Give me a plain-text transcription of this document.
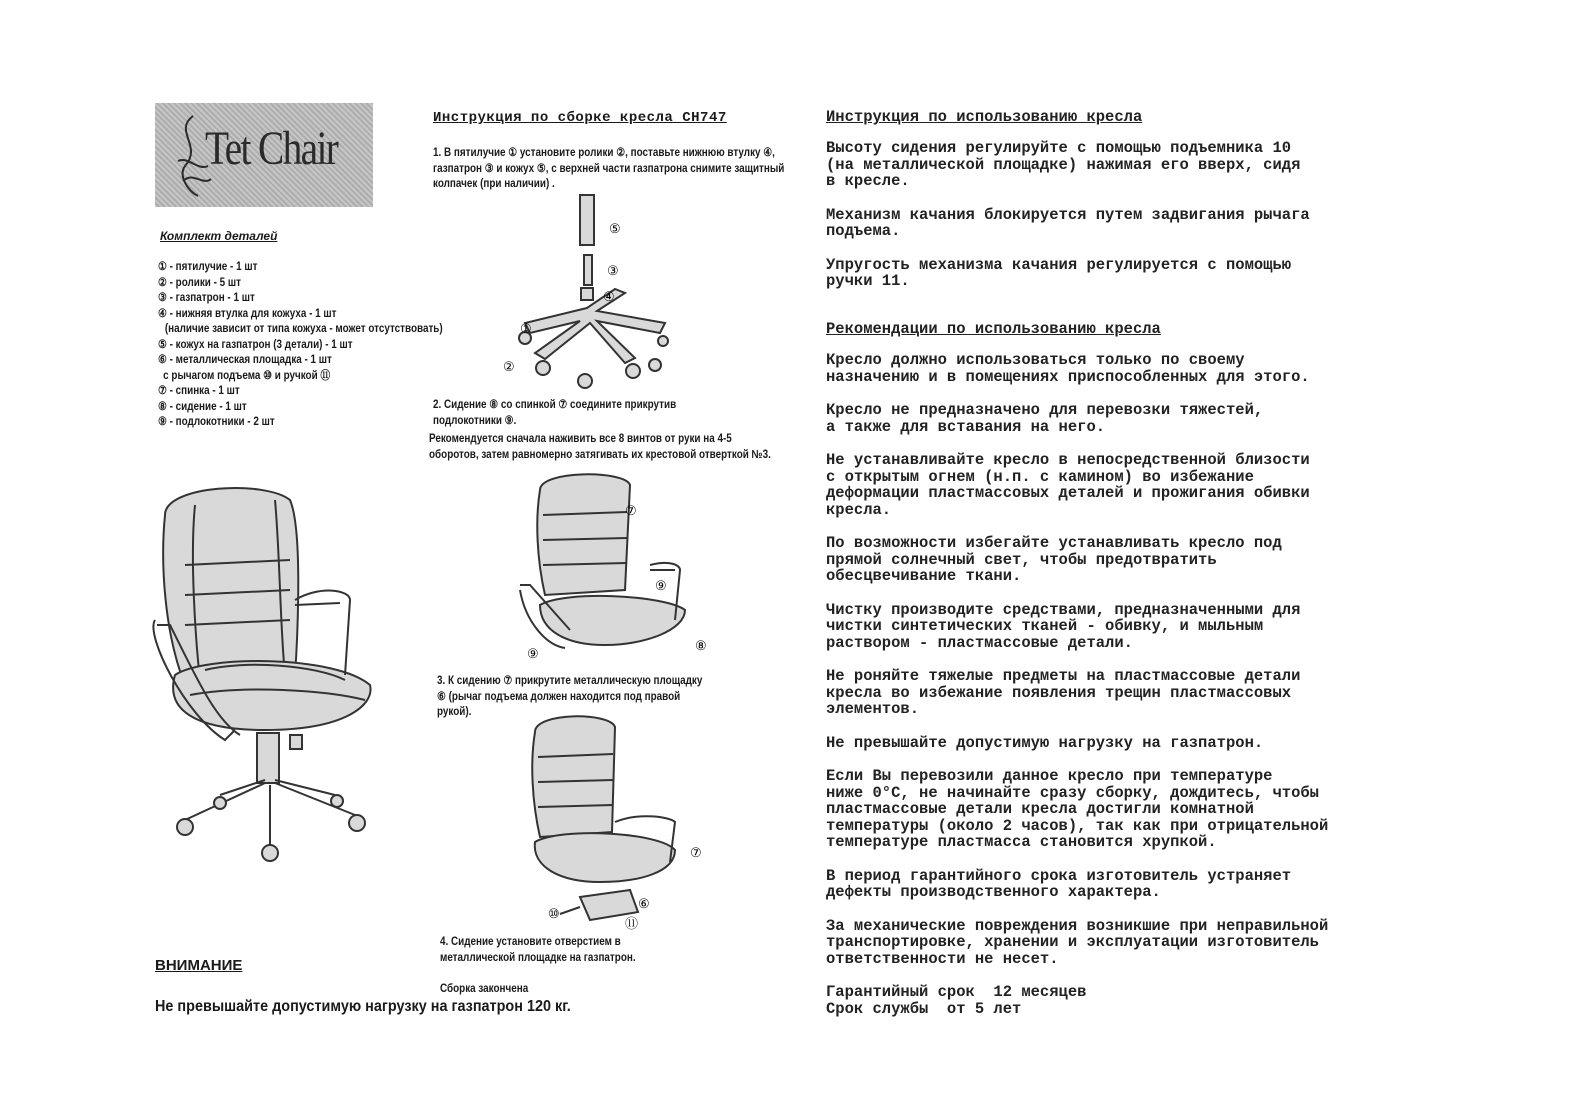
Tet Chair
Комплект деталей
① - пятилучие - 1 шт
② - ролики - 5 шт
③ - газпатрон - 1 шт
④ - нижняя втулка для кожуха - 1 шт
(наличие зависит от типа кожуха - может отсутствовать)
⑤ - кожух на газпатрон (3 детали) - 1 шт
⑥ - металлическая площадка - 1 шт
с рычагом подъема ⑩ и ручкой ⑪
⑦ - спинка - 1 шт
⑧ - сидение - 1 шт
⑨ - подлокотники - 2 шт
ВНИМАНИЕ
Не превышайте допустимую нагрузку на газпатрон 120 кг.
Инструкция по сборке кресла СН747
1. В пятилучие ① установите ролики ②, поставьте нижнюю втулку ④, газпатрон ③ и кожух ⑤, с верхней части газпатрона снимите защитный колпачек (при наличии) .
⑤
③
④
①
②
2. Сидение ⑧ со спинкой ⑦ соедините прикрутив подлокотники ⑨.
Рекомендуется сначала наживить все 8 винтов от руки на 4-5 оборотов, затем равномерно затягивать их крестовой отверткой №3.
⑦
⑨
⑧
⑨
3. К сидению ⑦ прикрутите металлическую площадку ⑥ (рычаг подъема должен находится под правой рукой).
⑦
⑥
⑩
⑪
4. Сидение установите отверстием в металлической площадке на газпатрон.
Сборка закончена
Инструкция по использованию кресла

Высоту сидения регулируйте с помощью подъемника 10
(на металлической площадке) нажимая его вверх, сидя
в кресле.

Механизм качания блокируется путем задвигания рычага
подъема.

Упругость механизма качания регулируется с помощью
ручки 11.

Рекомендации по использованию кресла

Кресло должно использоваться только по своему
назначению и в помещениях приспособленных для этого.

Кресло не предназначено для перевозки тяжестей,
а также для вставания на него.

Не устанавливайте кресло в непосредственной близости
с открытым огнем (н.п. с камином) во избежание
деформации пластмассовых деталей и прожигания обивки
кресла.

По возможности избегайте устанавливать кресло под
прямой солнечный свет, чтобы предотвратить
обесцвечивание ткани.

Чистку производите средствами, предназначенными для
чистки синтетических тканей - обивку, и мыльным
раствором - пластмассовые детали.

Не роняйте тяжелые предметы на пластмассовые детали
кресла во избежание появления трещин пластмассовых
элементов.

Не превышайте допустимую нагрузку на газпатрон.

Если Вы перевозили данное кресло при температуре
ниже 0°С, не начинайте сразу сборку, дождитесь, чтобы
пластмассовые детали кресла достигли комнатной
температуры (около 2 часов), так как при отрицательной
температуре пластмасса становится хрупкой.

В период гарантийного срока изготовитель устраняет
дефекты производственного характера.

За механические повреждения возникшие при неправильной
транспортировке, хранении и эксплуатации изготовитель
ответственности не несет.

Гарантийный срок  12 месяцев
Срок службы  от 5 лет
